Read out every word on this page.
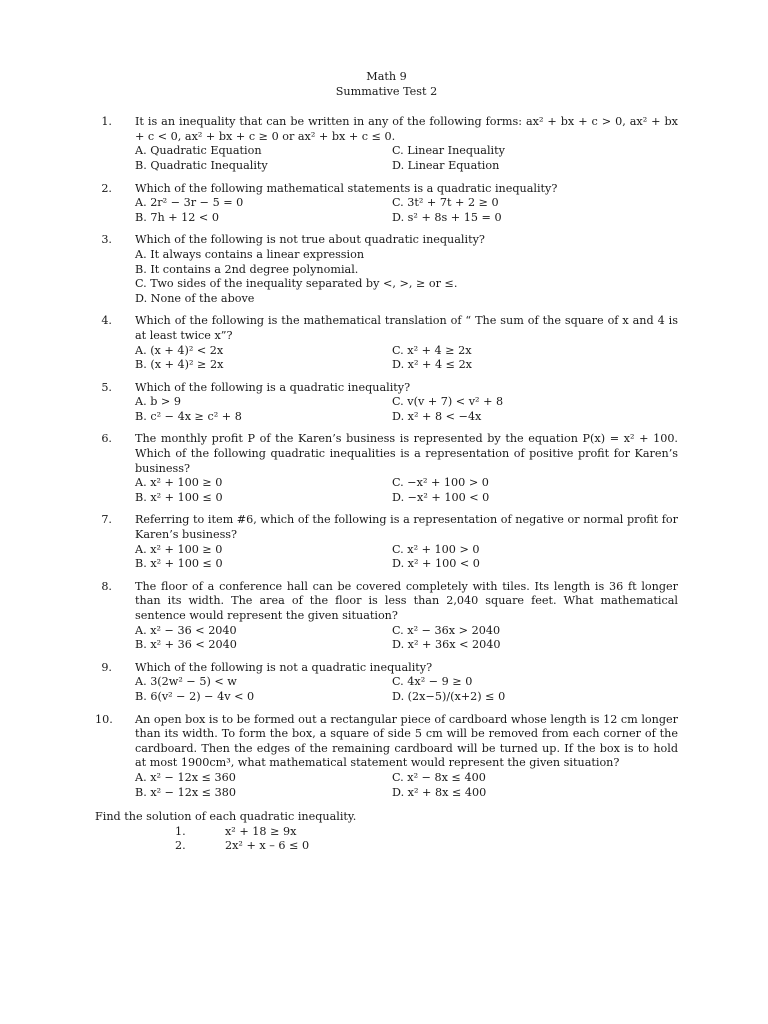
Math 9
Summative Test 2
1.	It is an inequality that can be written in any of the following forms: ax² + bx + c > 0, ax² + bx + c < 0, ax² + bx + c ≥ 0 or ax² + bx + c ≤ 0.
A. Quadratic Equation	C. Linear Inequality
B. Quadratic Inequality	D. Linear Equation
2.	Which of the following mathematical statements is a quadratic inequality?
A. 2r² − 3r − 5 = 0	C. 3t² + 7t + 2 ≥ 0
B. 7h + 12 < 0	D. s² + 8s + 15 = 0
3.	Which of the following is not true about quadratic inequality?
A. It always contains a linear expression
B. It contains a 2nd degree polynomial.
C. Two sides of the inequality separated by <, >, ≥ or ≤.
D. None of the above
4.	Which of the following is the mathematical translation of “ The sum of the square of x and 4 is at least twice x”?
A. (x + 4)² < 2x	C. x² + 4 ≥ 2x
B. (x + 4)² ≥ 2x	D. x² + 4 ≤ 2x
5.	Which of the following is a quadratic inequality?
A. b > 9	C. v(v + 7) < v² + 8
B. c² − 4x ≥ c² + 8	D. x² + 8 < −4x
6.	The monthly profit P of the Karen’s business is represented by the equation P(x) = x² + 100. Which of the following quadratic inequalities is a representation of positive profit for Karen’s business?
A. x² + 100 ≥ 0	C. −x² + 100 > 0
B. x² + 100 ≤ 0	D. −x² + 100 < 0
7.	Referring to item #6, which of the following is a representation of negative or normal profit for Karen’s business?
A. x² + 100 ≥ 0	C. x² + 100 > 0
B. x² + 100 ≤ 0	D. x² + 100 < 0
8.	The floor of a conference hall can be covered completely with tiles. Its length is 36 ft longer than its width. The area of the floor is less than 2,040 square feet. What mathematical sentence would represent the given situation?
A. x² − 36 < 2040	C. x² − 36x > 2040
B. x² + 36 < 2040	D. x² + 36x < 2040
9.	Which of the following is not a quadratic inequality?
A. 3(2w² − 5) < w	C. 4x² − 9 ≥ 0
B. 6(v² − 2) − 4v < 0	D. (2x−5)/(x+2) ≤ 0
10.	An open box is to be formed out a rectangular piece of cardboard whose length is 12 cm longer than its width. To form the box, a square of side 5 cm will be removed from each corner of the cardboard. Then the edges of the remaining cardboard will be turned up. If the box is to hold at most 1900cm³, what mathematical statement would represent the given situation?
A. x² − 12x ≤ 360	C. x² − 8x ≤ 400
B. x² − 12x ≤ 380	D. x² + 8x ≤ 400
Find the solution of each quadratic inequality.
1.	x² + 18 ≥ 9x
2.	2x² + x – 6 ≤ 0
